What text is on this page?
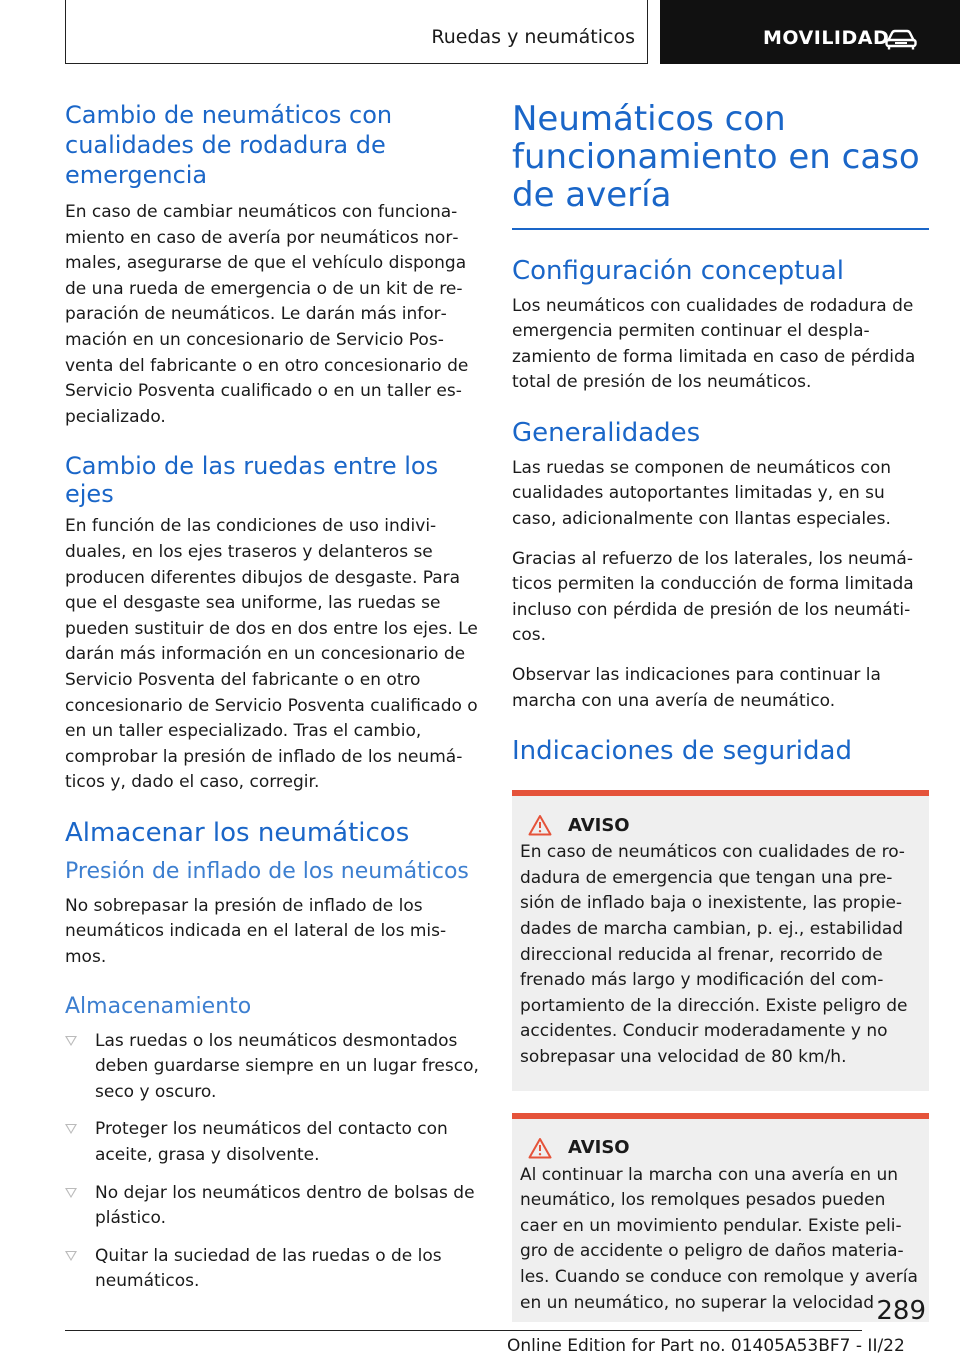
Ruedas y neumáticos	MOVILIDAD
Cambio de neumáticos con cualidades de rodadura de emergencia

En caso de cambiar neumáticos con funcionamiento en caso de avería por neumáticos normales, asegurarse de que el vehículo disponga de una rueda de emergencia o de un kit de reparación de neumáticos. Le darán más información en un concesionario de Servicio Posventa del fabricante o en otro concesionario de Servicio Posventa cualificado o en un taller especializado.

Cambio de las ruedas entre los ejes

En función de las condiciones de uso individuales, en los ejes traseros y delanteros se producen diferentes dibujos de desgaste. Para que el desgaste sea uniforme, las ruedas se pueden sustituir de dos en dos entre los ejes. Le darán más información en un concesionario de Servicio Posventa del fabricante o en otro concesionario de Servicio Posventa cualificado o en un taller especializado. Tras el cambio, comprobar la presión de inflado de los neumáticos y, dado el caso, corregir.

Almacenar los neumáticos
Presión de inflado de los neumáticos

No sobrepasar la presión de inflado de los neumáticos indicada en el lateral de los mismos.

Almacenamiento
Las ruedas o los neumáticos desmontados deben guardarse siempre en un lugar fresco, seco y oscuro.
Proteger los neumáticos del contacto con aceite, grasa y disolvente.
No dejar los neumáticos dentro de bolsas de plástico.
Quitar la suciedad de las ruedas o de los neumáticos.
Neumáticos con funcionamiento en caso de avería
Configuración conceptual

Los neumáticos con cualidades de rodadura de emergencia permiten continuar el desplazamiento de forma limitada en caso de pérdida total de presión de los neumáticos.

Generalidades

Las ruedas se componen de neumáticos con cualidades autoportantes limitadas y, en su caso, adicionalmente con llantas especiales.

Gracias al refuerzo de los laterales, los neumáticos permiten la conducción de forma limitada incluso con pérdida de presión de los neumáticos.

Observar las indicaciones para continuar la marcha con una avería de neumático.

Indicaciones de seguridad
AVISO

En caso de neumáticos con cualidades de rodadura de emergencia que tengan una presión de inflado baja o inexistente, las propiedades de marcha cambian, p. ej., estabilidad direccional reducida al frenar, recorrido de frenado más largo y modificación del comportamiento de la dirección. Existe peligro de accidentes. Conducir moderadamente y no sobrepasar una velocidad de 80 km/h.

AVISO

Al continuar la marcha con una avería en un neumático, los remolques pesados pueden caer en un movimiento pendular. Existe peligro de accidente o peligro de daños materiales. Cuando se conduce con remolque y avería en un neumático, no superar la velocidad 289
Online Edition for Part no. 01405A53BF7 - II/22
